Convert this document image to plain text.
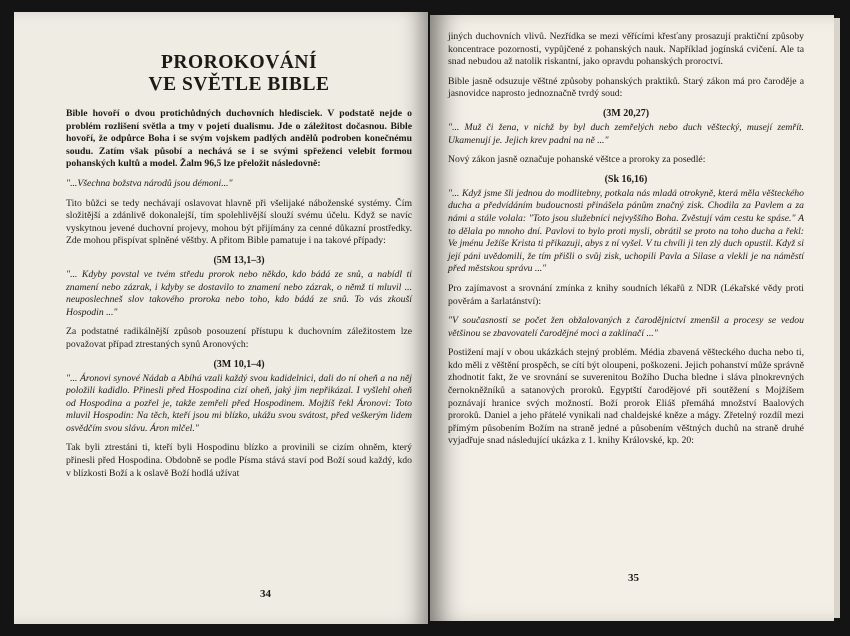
PROROKOVÁNÍ
VE SVĚTLE BIBLE

Bible hovoří o dvou protichůdných duchovních hledisciek. V podstatě nejde o problém rozlišení světla a tmy v pojetí dualismu. Jde o záležitost dočasnou. Bible hovoří, že odpůrce Boha i se svým vojskem padlých andělů podroben konečnému soudu. Zatím však působí a nechává se i se svými spřeženci velebit formou pohanských kultů a model. Žalm 96,5 lze přeložit následovně:

"...Všechna božstva národů jsou démoni..."

Tito bůžci se tedy nechávají oslavovat hlavně při všelijaké náboženské systémy. Čím složitější a zdánlivě dokonalejší, tím spolehlivější slouží svému účelu. Když se navíc vyskytnou jevené duchovní projevy, mohou být přijímány za cenné důkazní prostředky. Zde mohou přispívat splněné věštby. A přitom Bible pamatuje i na takové případy:

(5M 13,1–3)

"... Kdyby povstal ve tvém středu prorok nebo někdo, kdo bádá ze snů, a nabídl ti znamení nebo zázrak, i kdyby se dostavilo to znamení nebo zázrak, o němž ti mluvil ... neuposlechneš slov takového proroka nebo toho, kdo bádá ze snů. To vás zkouší Hospodin ..."

Za podstatné radikálnější způsob posouzení přístupu k duchovním záležitostem lze považovat případ ztrestaných synů Aronových:

(3M 10,1–4)

"... Áronovi synové Nádab a Abíhú vzali každý svou kadidelnici, dali do ní oheň a na něj položili kadidlo. Přinesli před Hospodina cizí oheň, jaký jim nepřikázal. I vyšlehl oheň od Hospodina a pozřel je, takže zemřeli před Hospodinem. Mojžíš řekl Áronovi: Toto mluvil Hospodin: Na těch, kteří jsou mi blízko, ukážu svou svátost, před veškerým lidem osvědčím svou slávu. Áron mlčel."

Tak byli ztrestáni ti, kteří byli Hospodinu blízko a provinili se cizím ohněm, který přinesli před Hospodina. Obdobně se podle Písma stává staví pod Boží soud každý, kdo v blízkosti Boží a k oslavě Boží hodlá užívat

34

jiných duchovních vlivů. Nezřídka se mezi věřícími křesťany prosazují praktiční způsoby koncentrace pozornosti, vypůjčené z pohanských nauk. Například jogínská cvičení. Ale ta snad nebudou až natolik riskantní, jako opravdu pohanských proroctví.

Bible jasně odsuzuje věštné způsoby pohanských praktiků. Starý zákon má pro čaroděje a jasnovidce naprosto jednoznačně tvrdý soud:

(3M 20,27)

"... Muž či žena, v nichž by byl duch zemřelých nebo duch věštecký, musejí zemřít. Ukamenují je. Jejich krev padni na ně ..."

Nový zákon jasně označuje pohanské věštce a proroky za posedlé:

(Sk 16,16)

"... Když jsme šli jednou do modlitebny, potkala nás mladá otrokyně, která měla věšteckého ducha a předvídáním budoucnosti přinášela pánům značný zisk. Chodila za Pavlem a za námi a stále volala: "Toto jsou služebníci nejvyššího Boha. Zvěstují vám cestu ke spáse." A to dělala po mnoho dní. Pavlovi to bylo proti mysli, obrátil se proto na toho ducha a řekl: Ve jménu Ježíše Krista ti přikazuji, abys z ní vyšel. V tu chvíli ji ten zlý duch opustil. Když si její páni uvědomili, že tím přišli o svůj zisk, uchopili Pavla a Silase a vlekli je na náměstí před městskou správu ..."

Pro zajímavost a srovnání zmínka z knihy soudních lékařů z NDR (Lékařské vědy proti pověrám a šarlatánství):

"V současnosti se počet žen obžalovaných z čarodějnictví zmenšil a procesy se vedou většinou se zbavovatelí čarodějné moci a zaklínačí ..."

Postižení mají v obou ukázkách stejný problém. Média zbavená věšteckého ducha nebo ti, kdo měli z věštění prospěch, se cítí být oloupeni, poškozeni. Jejich pohanství může správně zhodnotit fakt, že ve srovnání se suverenitou Božího Ducha bledne i sláva plnokrevných černokněžníků a satanových proroků. Egyptští čarodějové při soutěžení s Mojžíšem poznávají hranice svých možností. Boží prorok Eliáš přemáhá množství Baalových proroků. Daniel a jeho přátelé vynikali nad chaldejské kněze a mágy. Zřetelný rozdíl mezi přímým působením Božím na straně jedné a působením věštných duchů na straně druhé vyjadřuje snad následující ukázka z 1. knihy Královské, kp. 20:

35
